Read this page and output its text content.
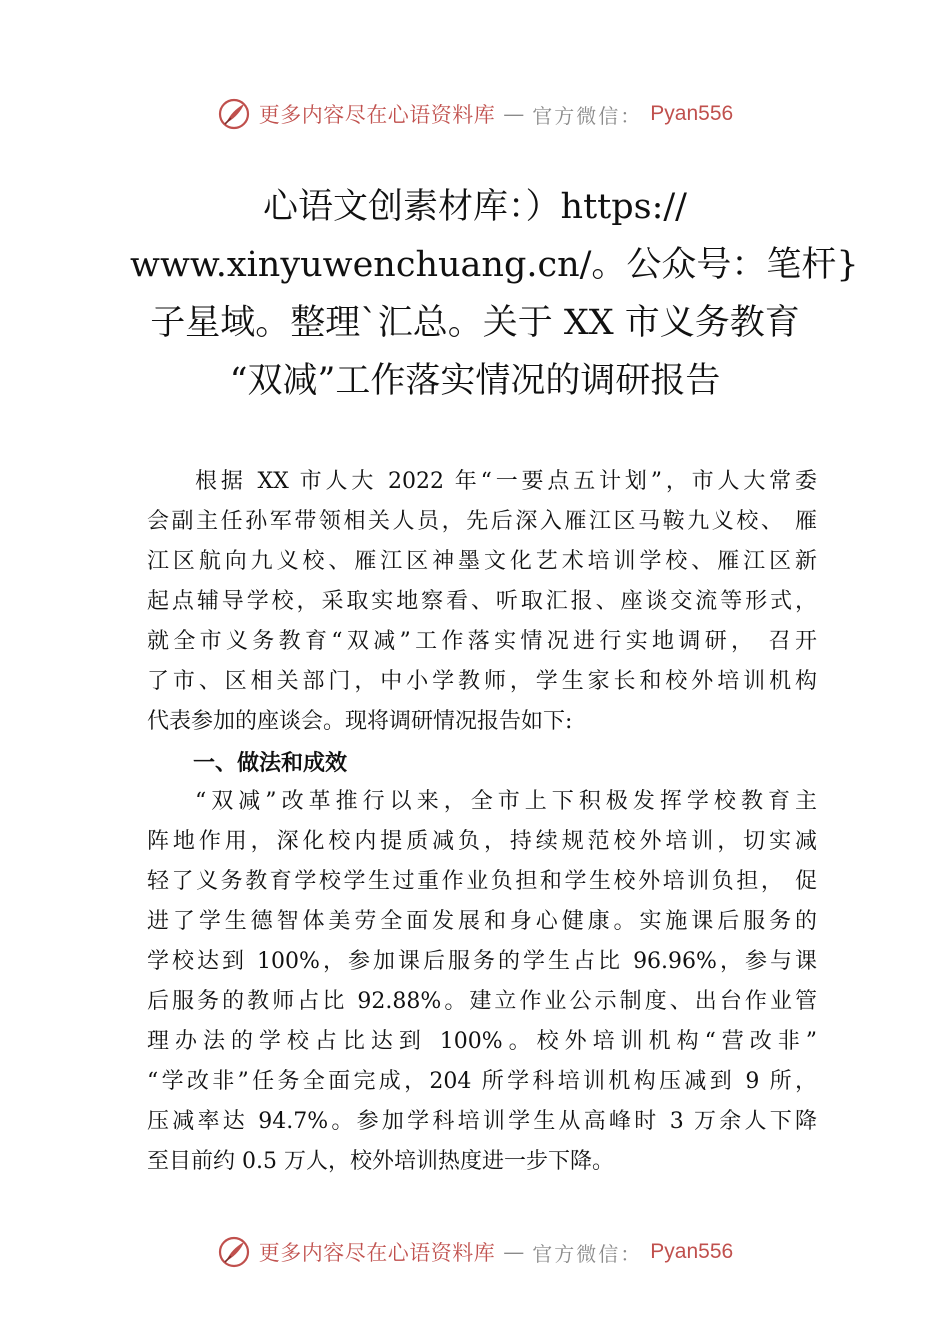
更多内容尽在心语资料库 — 官方微信： Pyan556
心语文创素材库：）https://
www.xinyuwenchuang.cn/。公众号：笔杆}
子星域。整理`汇总。关于 XX 市义务教育
“双减”工作落实情况的调研报告
根据 XX 市人大 2022 年“一要点五计划”，市人大常委
会副主任孙军带领相关人员，先后深入雁江区马鞍九义校、 雁
江区航向九义校、雁江区神墨文化艺术培训学校、雁江区新
起点辅导学校，采取实地察看、听取汇报、座谈交流等形式，
就全市义务教育“双减”工作落实情况进行实地调研， 召开
了市、区相关部门，中小学教师，学生家长和校外培训机构
代表参加的座谈会。现将调研情况报告如下:
一、做法和成效
“双减”改革推行以来，全市上下积极发挥学校教育主
阵地作用，深化校内提质减负，持续规范校外培训，切实减
轻了义务教育学校学生过重作业负担和学生校外培训负担， 促
进了学生德智体美劳全面发展和身心健康。实施课后服务的
学校达到 100%，参加课后服务的学生占比 96.96%，参与课
后服务的教师占比 92.88%。建立作业公示制度、出台作业管
理办法的学校占比达到 100%。校外培训机构“营改非”
“学改非”任务全面完成，204 所学科培训机构压减到 9 所，
压减率达 94.7%。参加学科培训学生从高峰时 3 万余人下降
至目前约 0.5 万人，校外培训热度进一步下降。
更多内容尽在心语资料库 — 官方微信： Pyan556
